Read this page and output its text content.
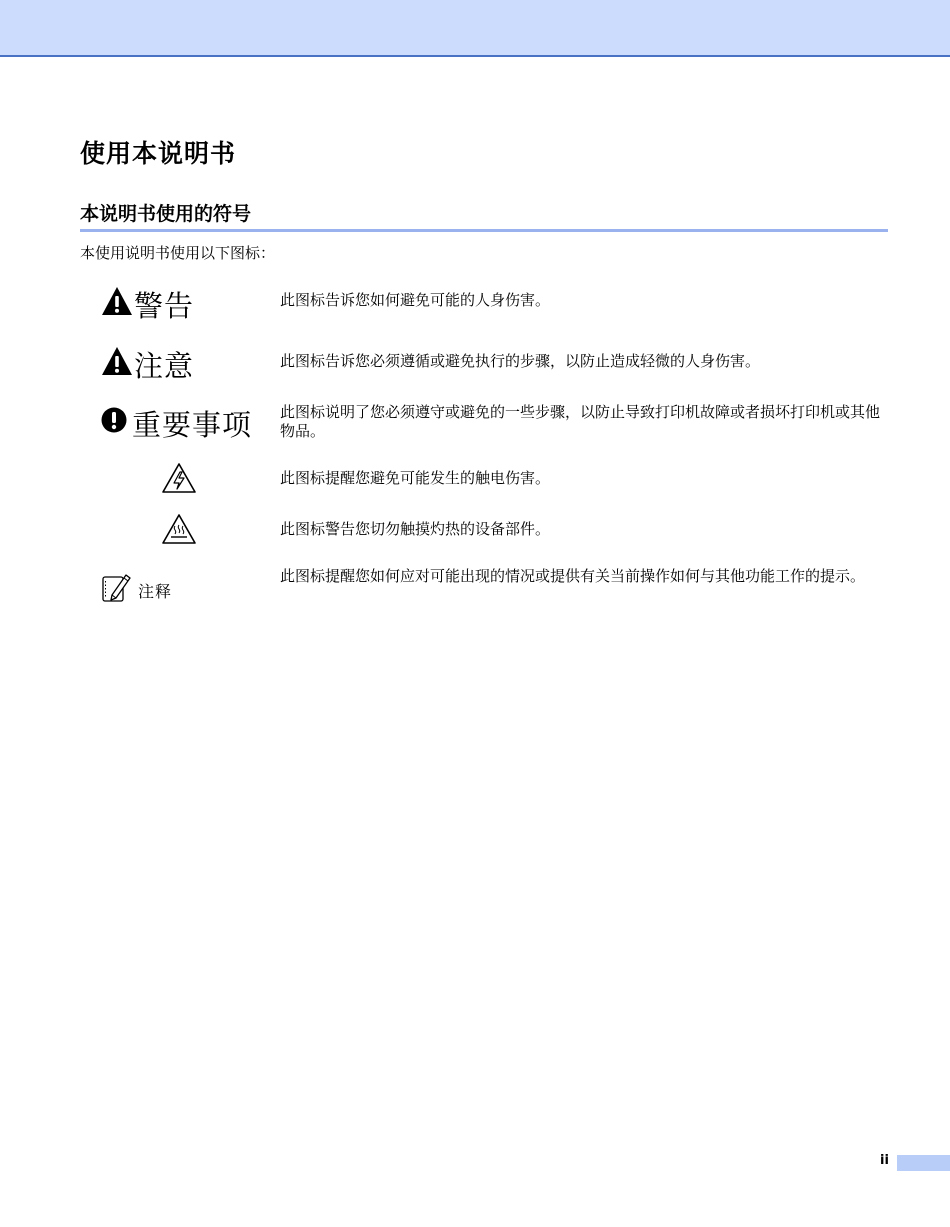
使用本说明书
本说明书使用的符号

本使用说明书使用以下图标：

警告	此图标告诉您如何避免可能的人身伤害。

注意	此图标告诉您必须遵循或避免执行的步骤，以防止造成轻微的人身伤害。

重要事项 此图标说明了您必须遵守或避免的一些步骤，以防止导致打印机故障或者损坏打印机或其他物品。

此图标提醒您避免可能发生的触电伤害。

此图标警告您切勿触摸灼热的设备部件。

注释

此图标提醒您如何应对可能出现的情况或提供有关当前操作如何与其他功能工作的提示。

ii
